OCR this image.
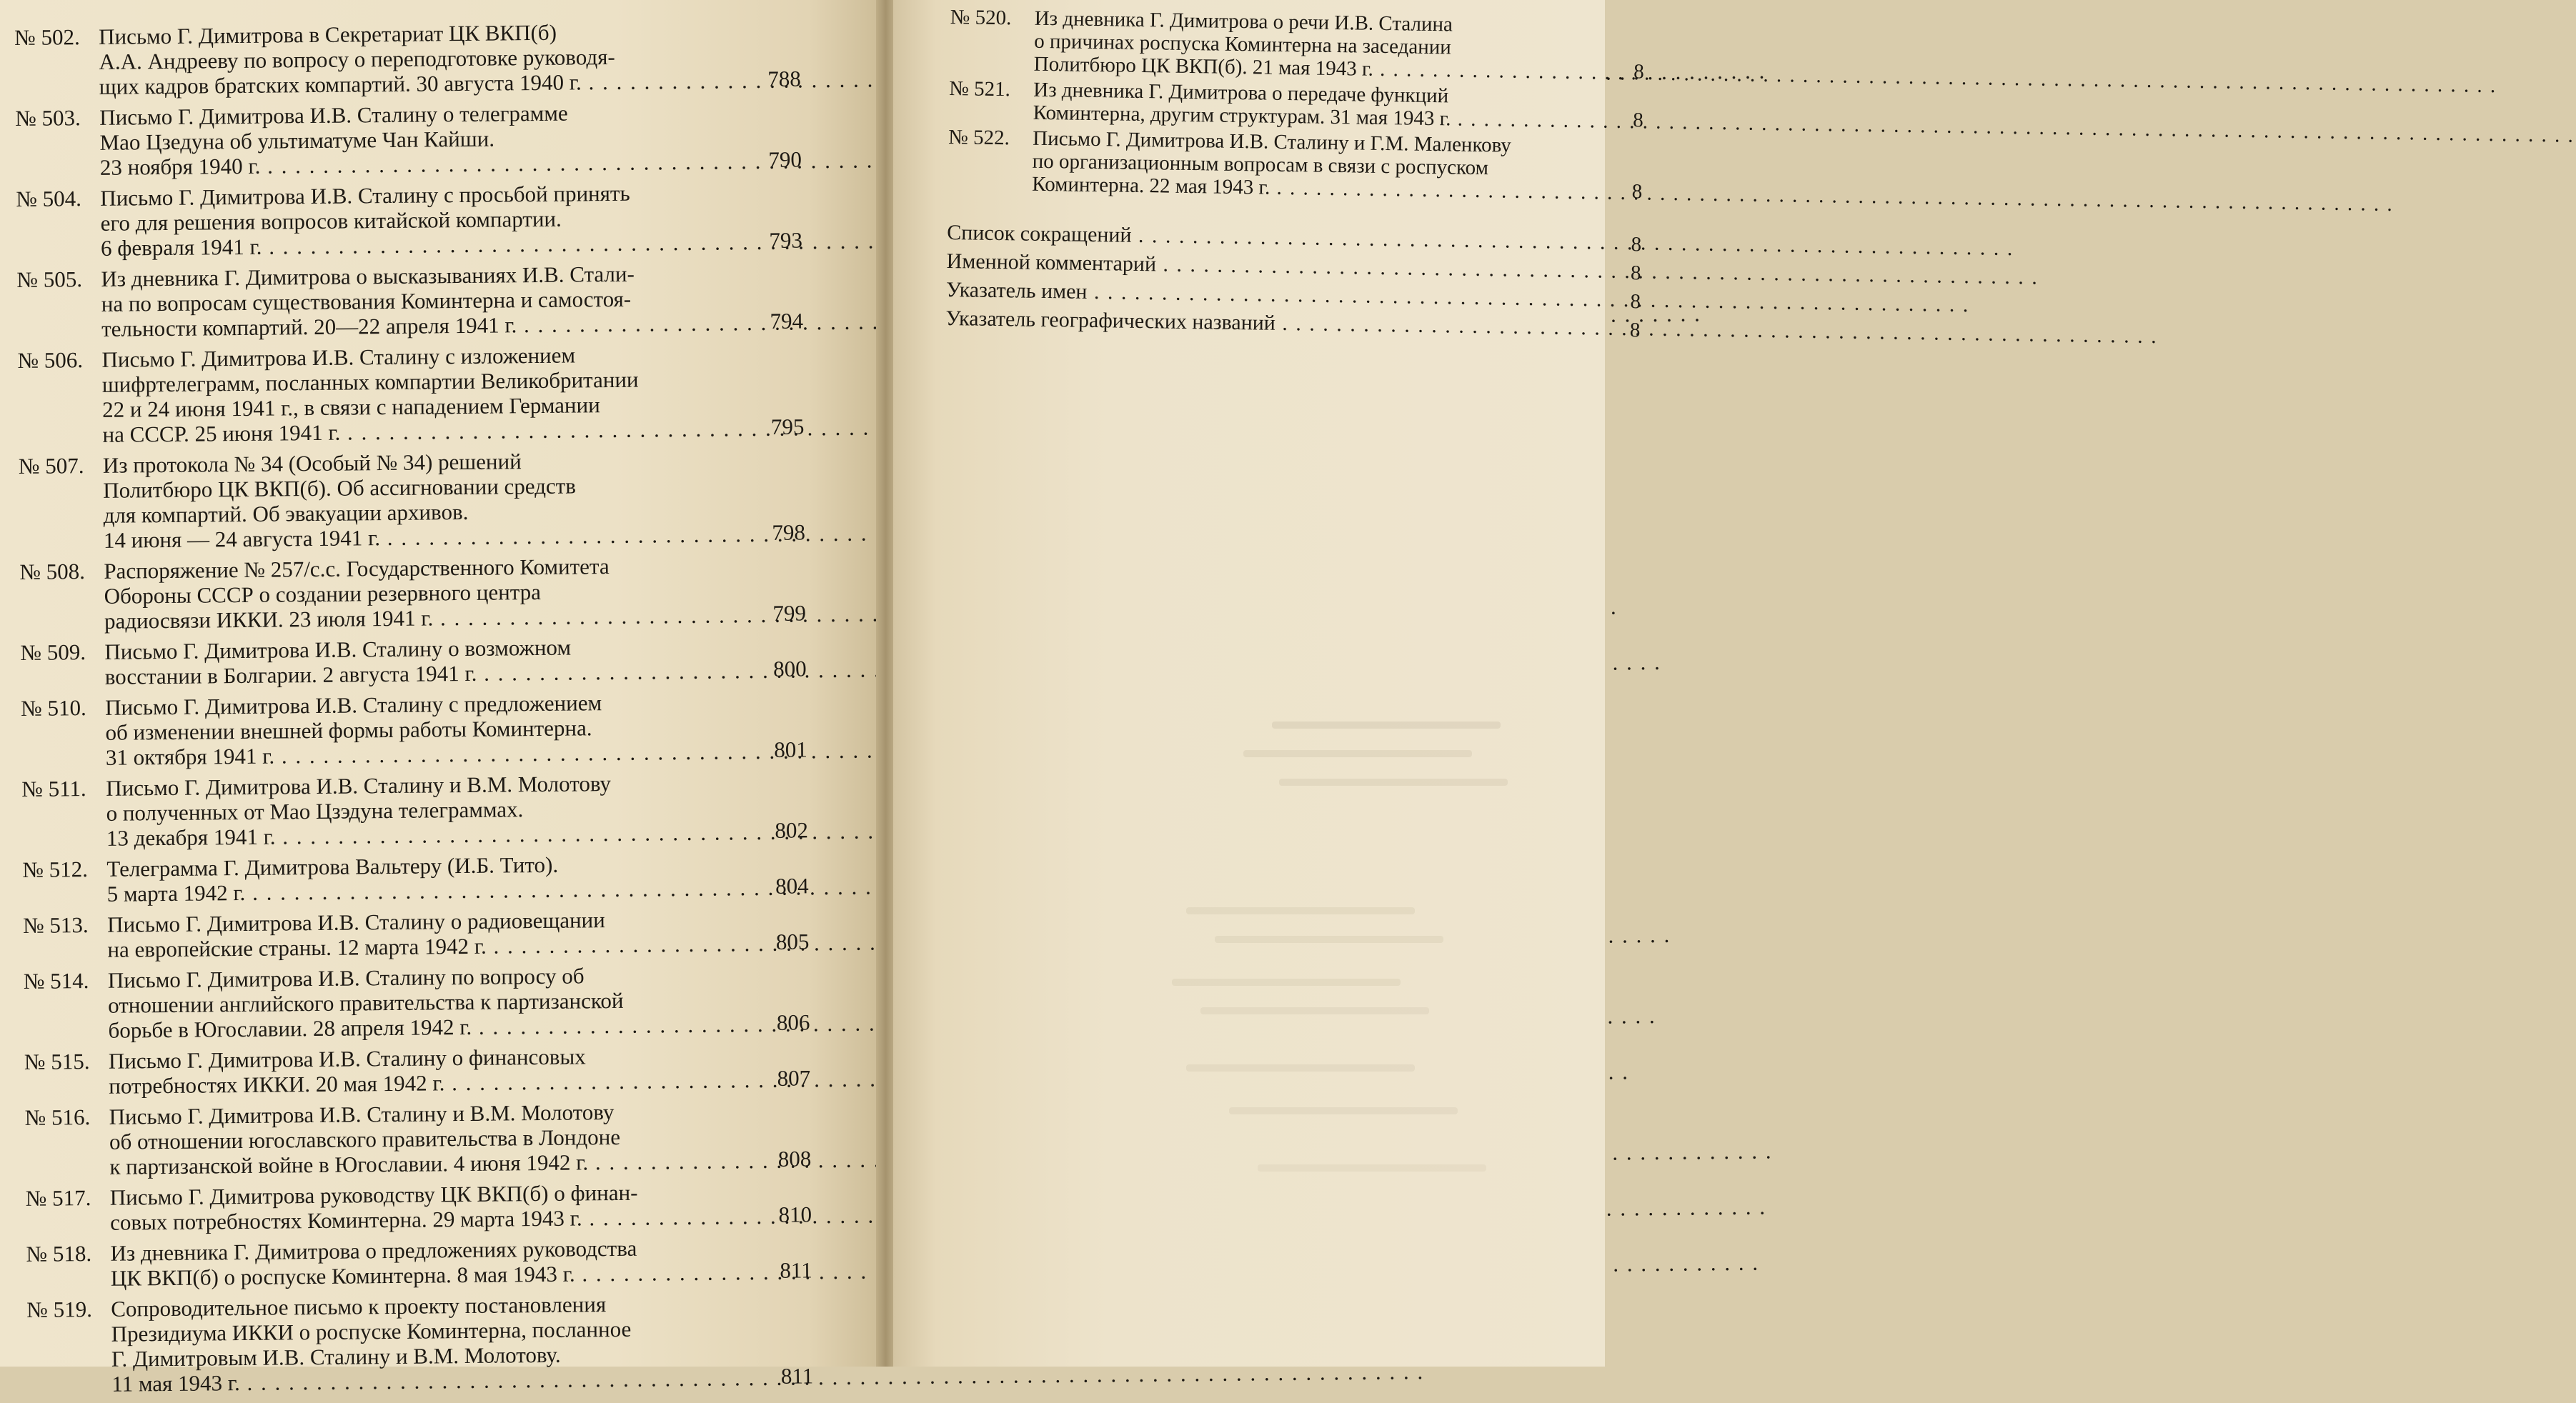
№ 502. Письмо Г. Димитрова в Секретариат ЦК ВКП(б)
А.А. Андрееву по вопросу о переподготовке руководя-
щих кадров братских компартий. 30 августа 1940 г. . . .	788
№ 503. Письмо Г. Димитрова И.В. Сталину о телеграмме
Мао Цзедуна об ультиматуме Чан Кайши.
23 ноября 1940 г. . . .	790
№ 504. Письмо Г. Димитрова И.В. Сталину с просьбой принять
его для решения вопросов китайской компартии.
6 февраля 1941 г. . . .	793
№ 505. Из дневника Г. Димитрова о высказываниях И.В. Стали-
на по вопросам существования Коминтерна и самостоя-
тельности компартий. 20—22 апреля 1941 г. . . .	794
№ 506. Письмо Г. Димитрова И.В. Сталину с изложением
шифртелеграмм, посланных компартии Великобритании
22 и 24 июня 1941 г., в связи с нападением Германии
на СССР. 25 июня 1941 г. . . .	795
№ 507. Из протокола № 34 (Особый № 34) решений
Политбюро ЦК ВКП(б). Об ассигновании средств
для компартий. Об эвакуации архивов.
14 июня — 24 августа 1941 г. . . .	798
№ 508. Распоряжение № 257/с.с. Государственного Комитета
Обороны СССР о создании резервного центра
радиосвязи ИККИ. 23 июля 1941 г. . . .	799
№ 509. Письмо Г. Димитрова И.В. Сталину о возможном
восстании в Болгарии. 2 августа 1941 г. . . .	800
№ 510. Письмо Г. Димитрова И.В. Сталину с предложением
об изменении внешней формы работы Коминтерна.
31 октября 1941 г. . . .	801
№ 511. Письмо Г. Димитрова И.В. Сталину и В.М. Молотову
о полученных от Мао Цзэдуна телеграммах.
13 декабря 1941 г. . . .	802
№ 512. Телеграмма Г. Димитрова Вальтеру (И.Б. Тито).
5 марта 1942 г. . . .	804
№ 513. Письмо Г. Димитрова И.В. Сталину о радиовещании
на европейские страны. 12 марта 1942 г. . . .	805
№ 514. Письмо Г. Димитрова И.В. Сталину по вопросу об
отношении английского правительства к партизанской
борьбе в Югославии. 28 апреля 1942 г. . . .	806
№ 515. Письмо Г. Димитрова И.В. Сталину о финансовых
потребностях ИККИ. 20 мая 1942 г. . . .	807
№ 516. Письмо Г. Димитрова И.В. Сталину и В.М. Молотову
об отношении югославского правительства в Лондоне
к партизанской войне в Югославии. 4 июня 1942 г. . . .	808
№ 517. Письмо Г. Димитрова руководству ЦК ВКП(б) о финан-
совых потребностях Коминтерна. 29 марта 1943 г. . . .	810
№ 518. Из дневника Г. Димитрова о предложениях руководства
ЦК ВКП(б) о роспуске Коминтерна. 8 мая 1943 г. . . .	811
№ 519. Сопроводительное письмо к проекту постановления
Президиума ИККИ о роспуске Коминтерна, посланное
Г. Димитровым И.В. Сталину и В.М. Молотову.
11 мая 1943 г. . . .	811
№ 520.	Из дневника Г. Димитрова о речи И.В. Сталина
о причинах роспуска Коминтерна на заседании
Политбюро ЦК ВКП(б). 21 мая 1943 г. . . .	8
№ 521.	Из дневника Г. Димитрова о передаче функций
Коминтерна, другим структурам. 31 мая 1943 г. . . .	8
№ 522.	Письмо Г. Димитрова И.В. Сталину и Г.М. Маленкову
по организационным вопросам в связи с роспуском
Коминтерна. 22 мая 1943 г. . . .	8
Список сокращений . . .	8
Именной комментарий . . .	8
Указатель имен . . .	8
Указатель географических названий . . .	8
